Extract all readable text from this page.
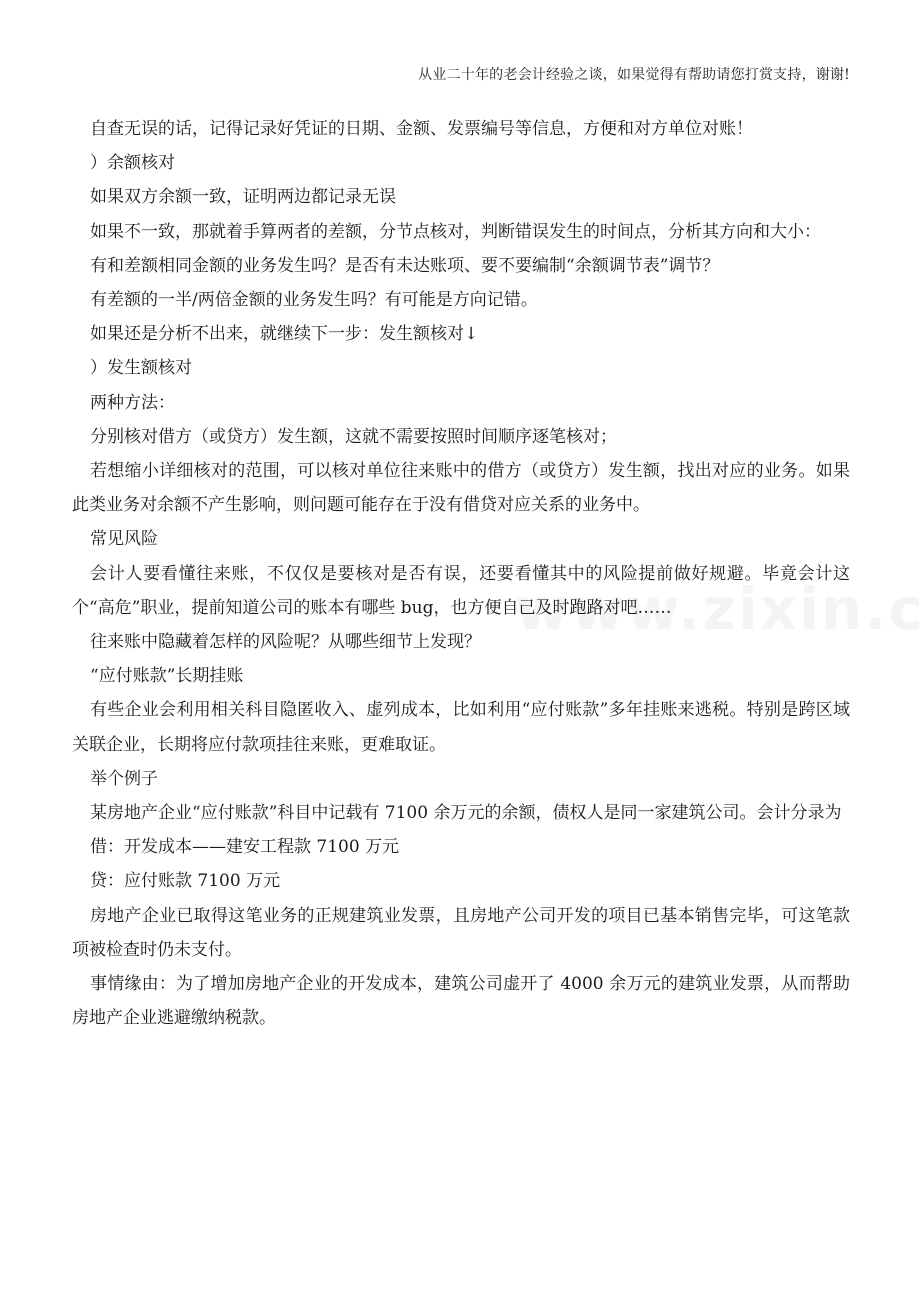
从业二十年的老会计经验之谈，如果觉得有帮助请您打赏支持，谢谢!

自查无误的话，记得记录好凭证的日期、金额、发票编号等信息，方便和对方单位对账！

）余额核对

如果双方余额一致，证明两边都记录无误

如果不一致，那就着手算两者的差额，分节点核对，判断错误发生的时间点，分析其方向和大小：

有和差额相同金额的业务发生吗？是否有未达账项、要不要编制“余额调节表”调节？

有差额的一半/两倍金额的业务发生吗？有可能是方向记错。

如果还是分析不出来，就继续下一步：发生额核对↓

）发生额核对

两种方法：

分别核对借方（或贷方）发生额，这就不需要按照时间顺序逐笔核对；

若想缩小详细核对的范围，可以核对单位往来账中的借方（或贷方）发生额，找出对应的业务。如果此类业务对余额不产生影响，则问题可能存在于没有借贷对应关系的业务中。

常见风险

会计人要看懂往来账，不仅仅是要核对是否有误，还要看懂其中的风险提前做好规避。毕竟会计这个“高危”职业，提前知道公司的账本有哪些 bug，也方便自己及时跑路对吧……

往来账中隐藏着怎样的风险呢？从哪些细节上发现？

“应付账款”长期挂账

有些企业会利用相关科目隐匿收入、虚列成本，比如利用“应付账款”多年挂账来逃税。特别是跨区域关联企业，长期将应付款项挂往来账，更难取证。

举个例子

某房地产企业“应付账款”科目中记载有 7100 余万元的余额，债权人是同一家建筑公司。会计分录为

借：开发成本——建安工程款 7100 万元

贷：应付账款 7100 万元

房地产企业已取得这笔业务的正规建筑业发票，且房地产公司开发的项目已基本销售完毕，可这笔款项被检查时仍未支付。

事情缘由：为了增加房地产企业的开发成本，建筑公司虚开了 4000 余万元的建筑业发票，从而帮助房地产企业逃避缴纳税款。
